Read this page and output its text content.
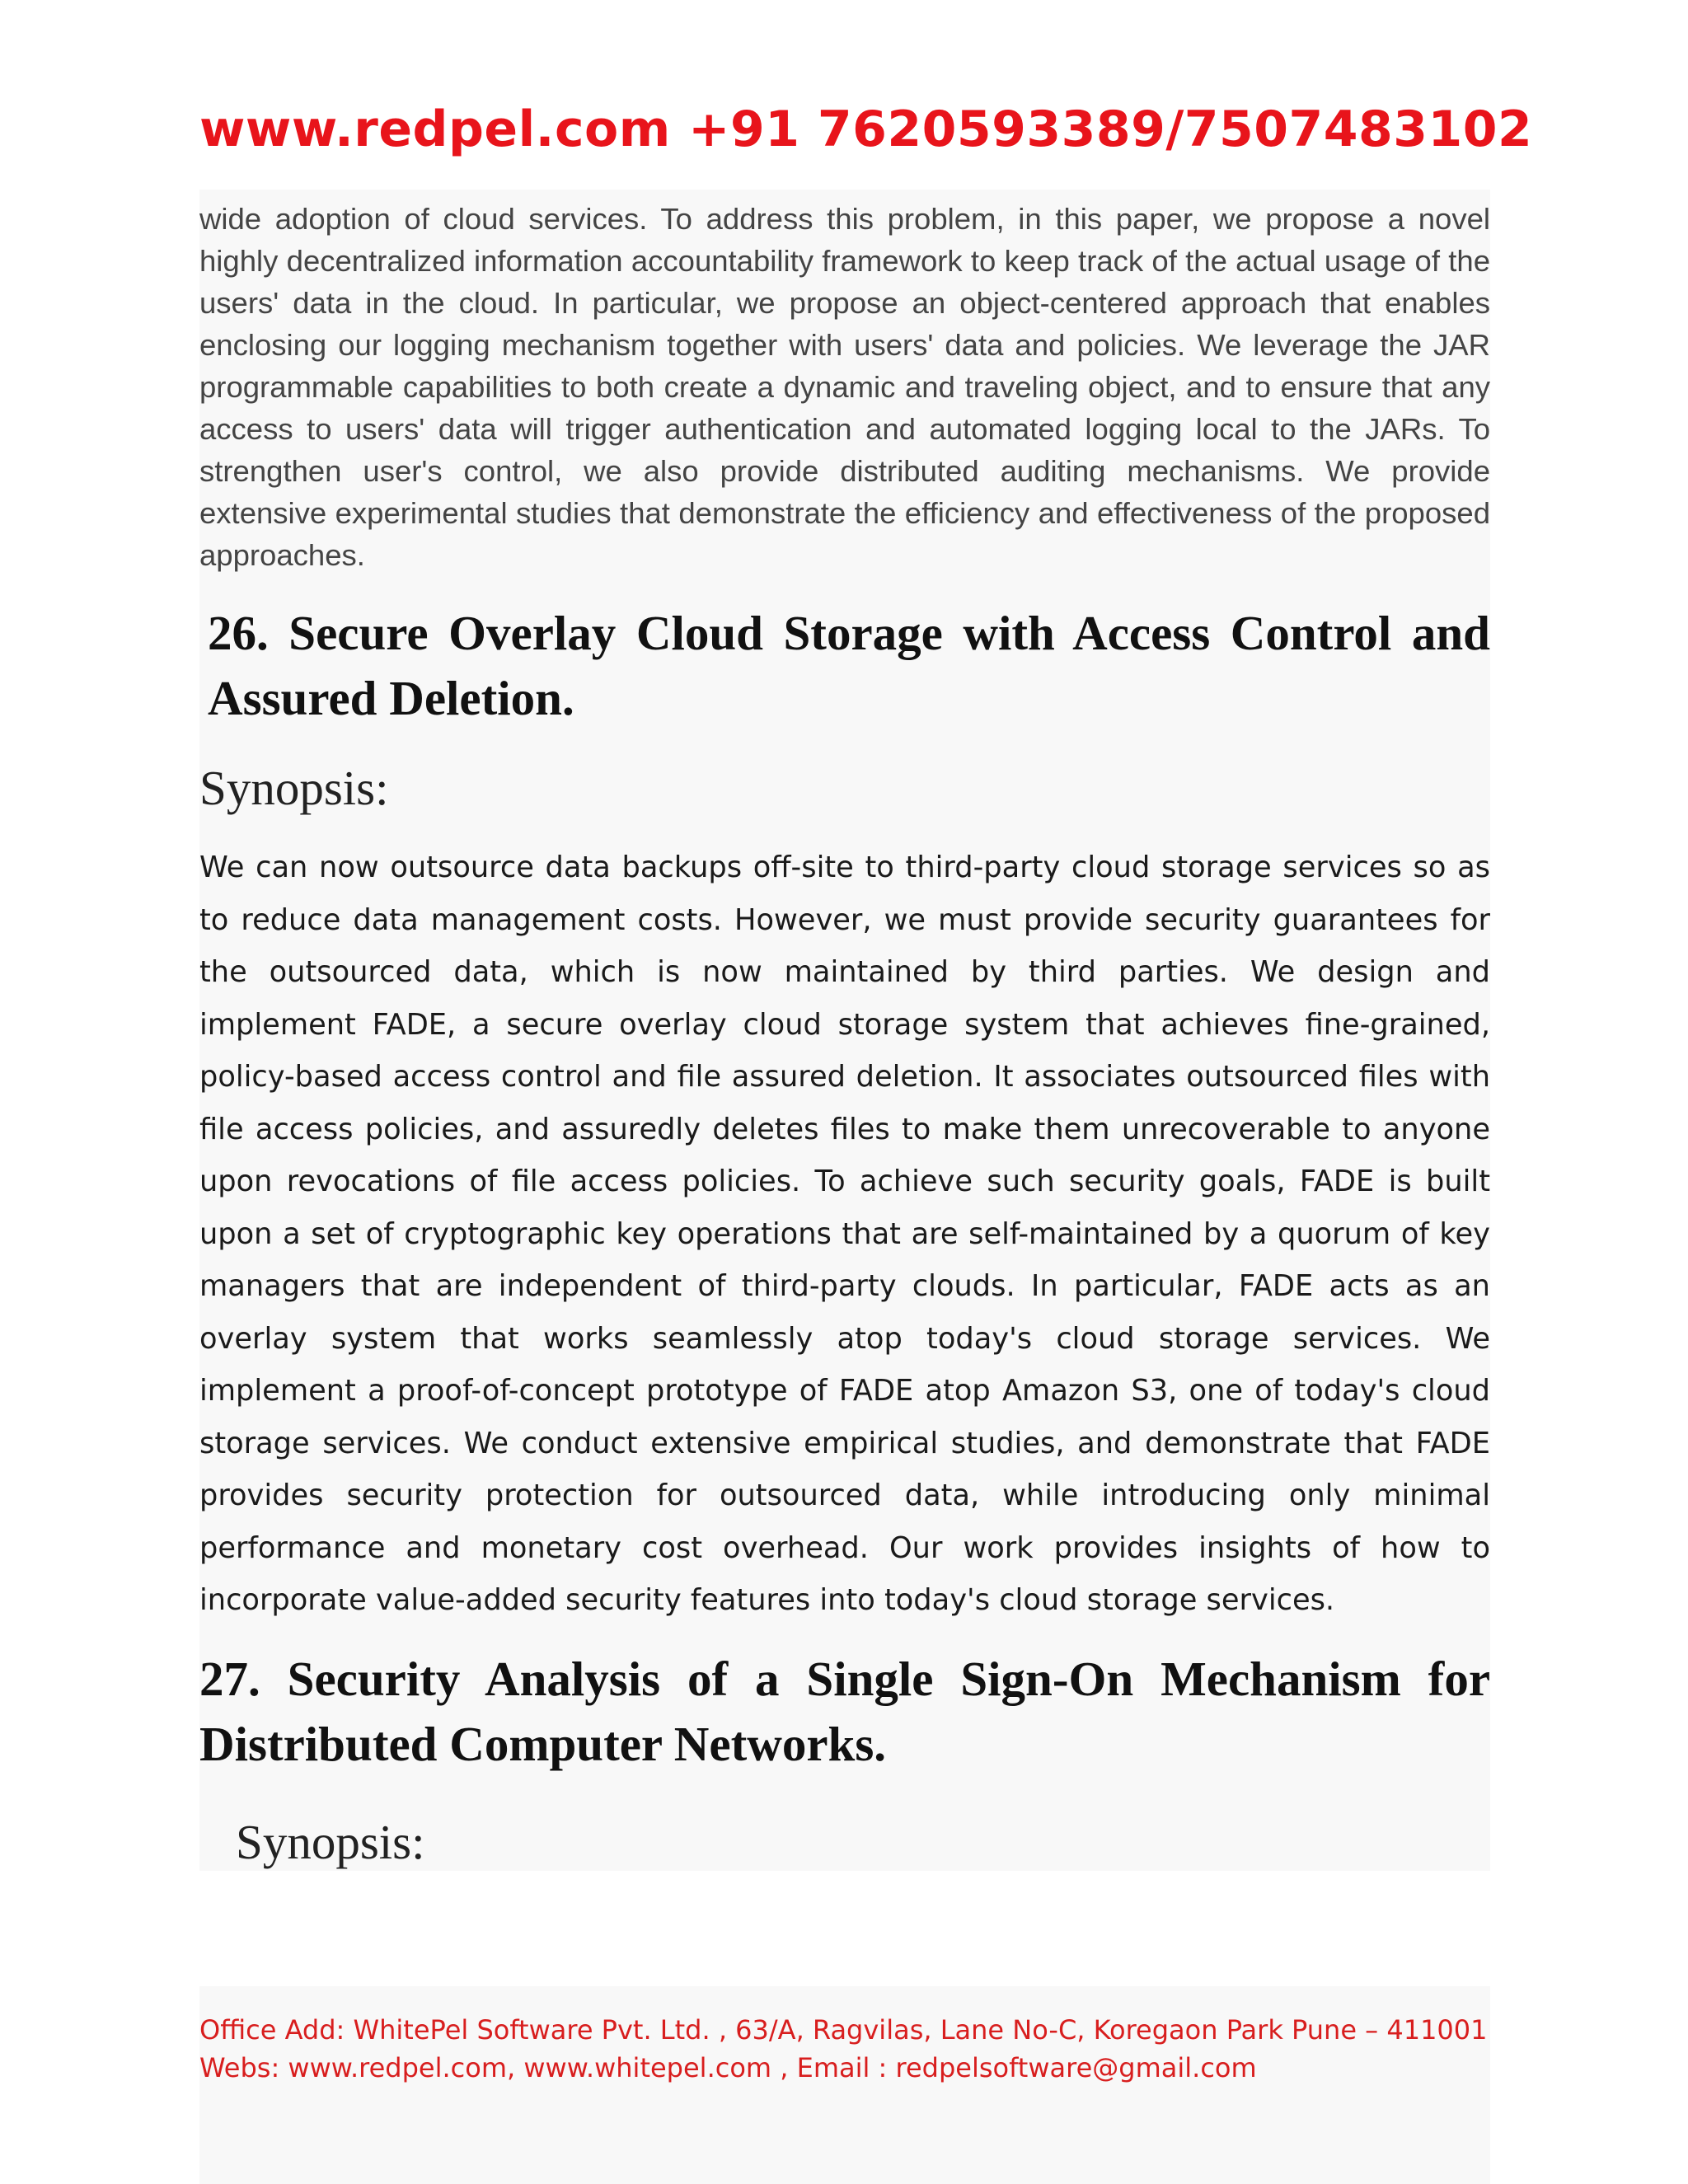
www.redpel.com +91 7620593389/7507483102

wide adoption of cloud services. To address this problem, in this paper, we propose a novel highly decentralized information accountability framework to keep track of the actual usage of the users' data in the cloud. In particular, we propose an object-centered approach that enables enclosing our logging mechanism together with users' data and policies. We leverage the JAR programmable capabilities to both create a dynamic and traveling object, and to ensure that any access to users' data will trigger authentication and automated logging local to the JARs. To strengthen user's control, we also provide distributed auditing mechanisms. We provide extensive experimental studies that demonstrate the efficiency and effectiveness of the proposed approaches.

26. Secure Overlay Cloud Storage with Access Control and Assured Deletion.

Synopsis:

We can now outsource data backups off-site to third-party cloud storage services so as to reduce data management costs. However, we must provide security guarantees for the outsourced data, which is now maintained by third parties. We design and implement FADE, a secure overlay cloud storage system that achieves fine-grained, policy-based access control and file assured deletion. It associates outsourced files with file access policies, and assuredly deletes files to make them unrecoverable to anyone upon revocations of file access policies. To achieve such security goals, FADE is built upon a set of cryptographic key operations that are self-maintained by a quorum of key managers that are independent of third-party clouds. In particular, FADE acts as an overlay system that works seamlessly atop today's cloud storage services. We implement a proof-of-concept prototype of FADE atop Amazon S3, one of today's cloud storage services. We conduct extensive empirical studies, and demonstrate that FADE provides security protection for outsourced data, while introducing only minimal performance and monetary cost overhead. Our work provides insights of how to incorporate value-added security features into today's cloud storage services.

27. Security Analysis of a Single Sign-On Mechanism for Distributed Computer Networks.

Synopsis:

Office Add: WhitePel Software Pvt. Ltd. , 63/A, Ragvilas, Lane No-C, Koregaon Park Pune – 411001
Webs: www.redpel.com, www.whitepel.com , Email : redpelsoftware@gmail.com
